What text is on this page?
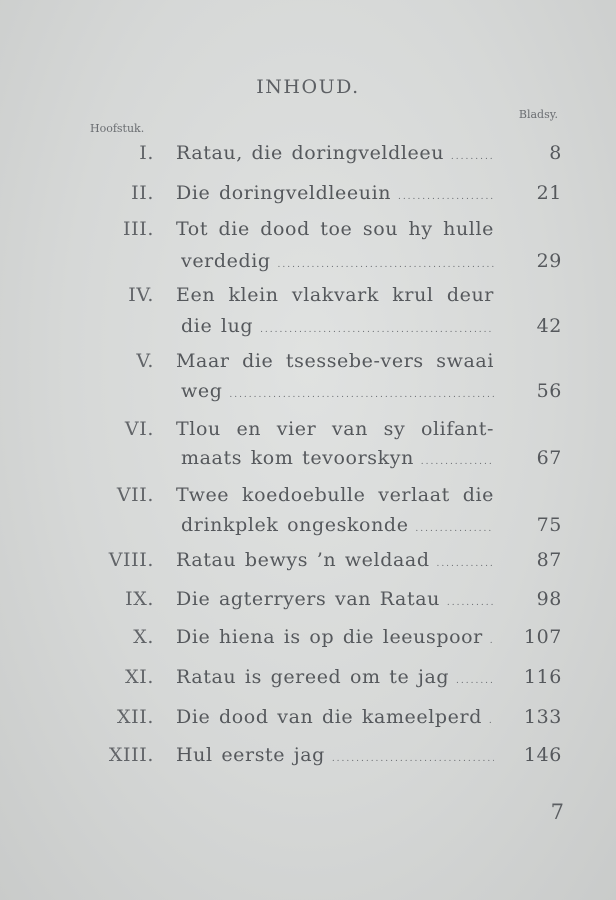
INHOUD.
Hoofstuk.
Bladsy.
I. Ratau, die doringveldleeu .....	8
II. Die doringveldleeuin .....	21
III. Tot die dood toe sou hy hulle
verdedig .....	29
IV. Een klein vlakvark krul deur
die lug .....	42
V. Maar die tsessebe-vers swaai
weg .....	56
VI. Tlou en vier van sy olifant-
maats kom tevoorskyn .....	67
VII. Twee koedoebulle verlaat die
drinkplek ongeskonde .....	75
VIII. Ratau bewys ’n weldaad .....	87
IX. Die agterryers van Ratau .....	98
X. Die hiena is op die leeuspoor .....	107
XI. Ratau is gereed om te jag .....	116
XII. Die dood van die kameelperd .....	133
XIII. Hul eerste jag .....	146
7
